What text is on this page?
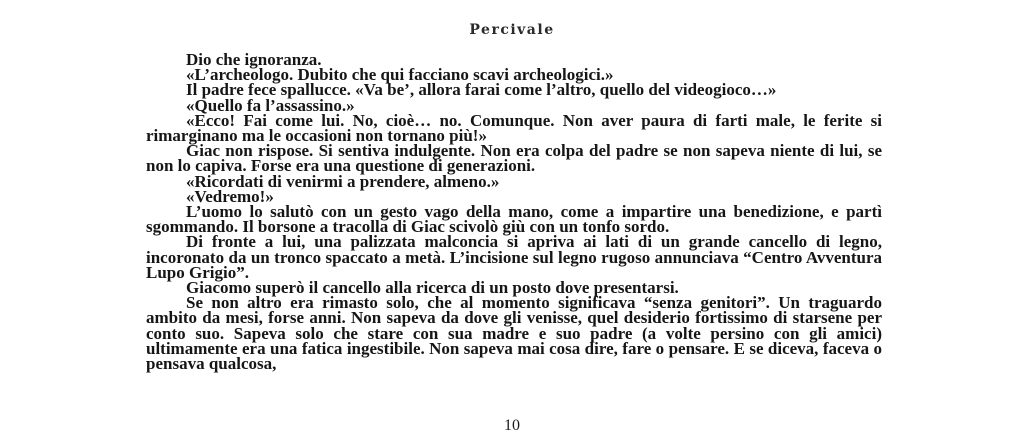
Percivale

Dio che ignoranza.

«L’archeologo. Dubito che qui facciano scavi archeologici.»

Il padre fece spallucce. «Va be’, allora farai come l’altro, quello del videogioco…»

«Quello fa l’assassino.»

«Ecco! Fai come lui. No, cioè… no. Comunque. Non aver paura di farti male, le ferite si rimarginano ma le occasioni non tornano più!»

Giac non rispose. Si sentiva indulgente. Non era colpa del padre se non sapeva niente di lui, se non lo capiva. Forse era una questione di generazioni.

«Ricordati di venirmi a prendere, almeno.»

«Vedremo!»

L’uomo lo salutò con un gesto vago della mano, come a impartire una benedizione, e partì sgommando. Il borsone a tracolla di Giac scivolò giù con un tonfo sordo.

Di fronte a lui, una palizzata malconcia si apriva ai lati di un grande cancello di legno, incoronato da un tronco spaccato a metà. L’incisione sul legno rugoso annunciava “Centro Avventura Lupo Grigio”.

Giacomo superò il cancello alla ricerca di un posto dove presentarsi.

Se non altro era rimasto solo, che al momento significava “senza genitori”. Un traguardo ambito da mesi, forse anni. Non sapeva da dove gli venisse, quel desiderio fortissimo di starsene per conto suo. Sapeva solo che stare con sua madre e suo padre (a volte persino con gli amici) ultimamente era una fatica ingestibile. Non sapeva mai cosa dire, fare o pensare. E se diceva, faceva o pensava qualcosa,

10
